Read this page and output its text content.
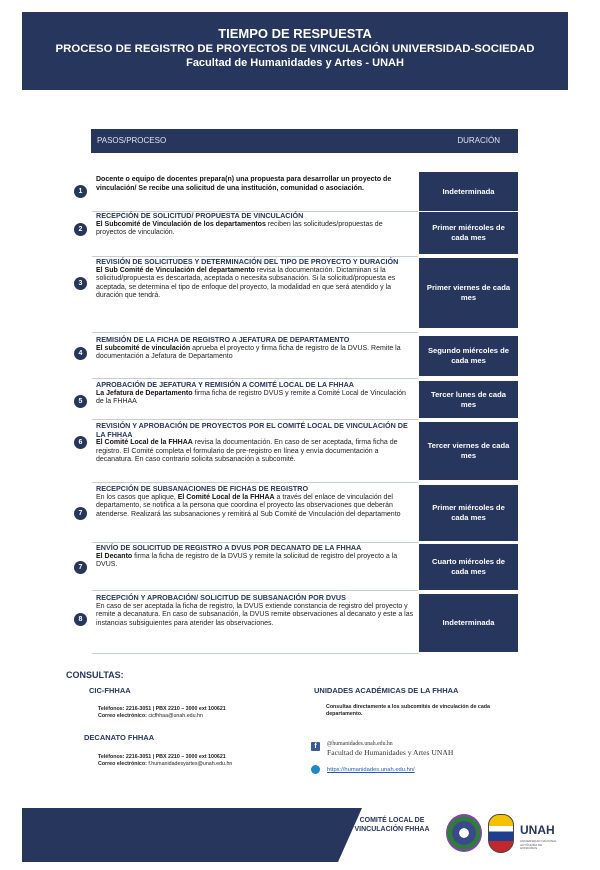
TIEMPO DE RESPUESTA
PROCESO DE REGISTRO DE PROYECTOS DE VINCULACIÓN UNIVERSIDAD-SOCIEDAD
Facultad de Humanidades y Artes - UNAH
PASOS/PROCESO	DURACIÓN
1
Docente o equipo de docentes prepara(n) una propuesta para desarrollar un proyecto de vinculación/ Se recibe una solicitud de una institución, comunidad o asociación.	Indeterminada
2
RECEPCIÓN DE SOLICITUD/ PROPUESTA DE VINCULACIÓN
El Subcomité de Vinculación de los departamentos reciben las solicitudes/propuestas de proyectos de vinculación.
Primer miércoles de cada mes
3
REVISIÓN DE SOLICITUDES Y DETERMINACIÓN DEL TIPO DE PROYECTO Y DURACIÓN
El Sub Comité de Vinculación del departamento revisa la documentación. Dictaminan si la solicitud/propuesta es descartada, aceptada o necesita subsanación. Si la solicitud/propuesta es aceptada, se determina el tipo de enfoque del proyecto, la modalidad en que será atendido y la duración que tendrá.
Primer viernes de cada mes
4
REMISIÓN DE LA FICHA DE REGISTRO A JEFATURA DE DEPARTAMENTO
El subcomité de vinculación aprueba el proyecto y firma ficha de registro de la DVUS. Remite la documentación a Jefatura de Departamento
Segundo miércoles de cada mes
5
APROBACIÓN DE JEFATURA Y REMISIÓN A COMITÉ LOCAL DE LA FHHAA
La Jefatura de Departamento firma ficha de registro DVUS y remite a Comité Local de Vinculación de la FHHAA
Tercer lunes de cada mes
6
REVISIÓN Y APROBACIÓN DE PROYECTOS POR EL COMITÉ LOCAL DE VINCULACIÓN DE LA FHHAA
El Comité Local de la FHHAA revisa la documentación. En caso de ser aceptada, firma ficha de registro. El Comité completa el formulario de pre-registro en línea y envía documentación a decanatura. En caso contrario solicita subsanación a subcomité.
Tercer viernes de cada mes
7
RECEPCIÓN DE SUBSANACIONES DE FICHAS DE REGISTRO
En los casos que aplique, El Comité Local de la FHHAA a través del enlace de vinculación del departamento, se notifica a la persona que coordina el proyecto las observaciones que deberán atenderse. Realizará las subsanaciones y remitirá al Sub Comité de Vinculación del departamento
Primer miércoles de cada mes
7
ENVÍO DE SOLICITUD DE REGISTRO A DVUS POR DECANATO DE LA FHHAA
El Decanto firma la ficha de registro de la DVUS y remite la solicitud de registro del proyecto a la DVUS.	Cuarto miércoles de cada mes
8
RECEPCIÓN Y APROBACIÓN/ SOLICITUD DE SUBSANACIÓN POR DVUS
En caso de ser aceptada la ficha de registro, la DVUS extiende constancia de registro del proyecto y remite a decanatura. En caso de subsanación, la DVUS remite observaciones al decanato y este a las instancias subsiguientes para atender las observaciones.	Indeterminada
CONSULTAS:
CIC-FHHAA
Teléfonos: 2216-3051 | PBX 2210 – 3000 ext 100621
Correo electrónico: cicfhhaa@unah.edu.hn
DECANATO FHHAA
Teléfonos: 2216-3051 | PBX 2210 – 3000 ext 100621
Correo electrónico: f.humanidadesyartes@unah.edu.hn
UNIDADES ACADÉMICAS DE LA FHHAA
Consultas directamente a los subcomités de vinculación de cada departamento.
f	@humanidades.unah.edu.hn
Facultad de Humanidades y Artes UNAH
https://humanidades.unah.edu.hn/
COMITÉ LOCAL DE
VINCULACIÓN FHHAA	UNAH
UNIVERSIDAD NACIONAL AUTÓNOMA DE HONDURAS
